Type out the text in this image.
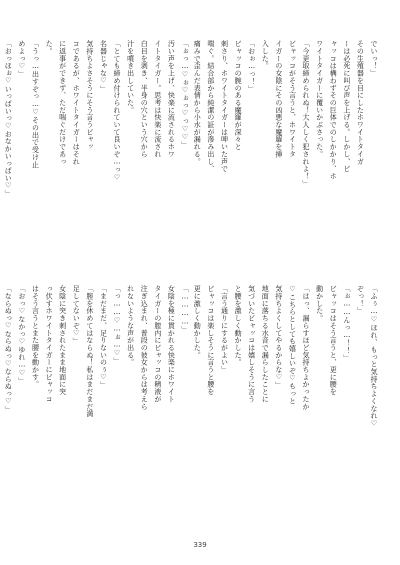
でいっ！」
その生殖器を目にしたホワイトタイガ
ーは必死に叫び声を上げる。しかし、ビ
ャッコは構わずその巨体でのしかかり、ホ
ワイトタイガーに覆いかぶさった。
「今更取締められぬ！大人しく犯されよ！」
ビャッコがそう言うと、ホワイトタ
イガーの女陰にその凶悪な魔羅を挿
入した。
「おぉ…っ！」
ビャッコの腕のある魔羅が深々と
刺さり、ホワイトタイガーは呻いた声で
喘ぐ。結合部から純潔の証が滲み出し、
痛みで歪んだ表情から小水が漏れる。
「ぉっ…♡ぉ♡ぉっ♡っ♡♡」
汚い声を上げ、快楽に流されるホワ
イトタイガー。思考は快楽に流され
白目を剥き、半身の穴という穴から
汁を噴き出していた。
「とても締め付けられていて良いぞ…っ♡
名器じゃな♡」
気持ちよさそうにそう言うビャッ
コであるが、ホワイトタイガーはそれ
に返事ができず、ただ喘ぐだけであっ
た。
「うっ…出すぞっ…♡その出で受け止
めよっ♡」
「おっほぉ♡いっぱいっ♡おなかいっぱい♡」
「ふぅ…♡ほれ、もっと気持ちよくなれ♡
ぞっ！」
「ぉ……んっ…！！」
ビャッコはそう言うと、更に腰を
動かした。
「はっ、漏らすほど気持ちよかったか
♡こちらとしても嬉しいぞ♡もっと
気持ちよくしてやるからな♡」
地面に落ちる水音で漏らしたことに
気づいたビャッコは嬉しそうに言う
と腰を激しく動かした。
「言う通りにするがよい」
ビャッコは楽しそうに言うと腰を
更に激しく動かした。
「…………」
女陰を極に貫かれる快楽にホワイト
タイガーの膣内にビャッコの精液が
注ぎ込まれ、普段の彼女からは考えら
れないような声が出る。
「っ……♡…ぉ…♡」
「まだまだ、足りないのぅ♡」
「膣を休めてはならぬ！私はまだまだ満
足してないぞ♡」
女陰に突き刺されたまま地面に突
っ伏すホワイトタイガーにビャッコ
はそう言うとまた腰を動かす。
「おっ♡なかっ♡ゆれ…♡」
「ならぬっ♡ならぬっ♡ならぬっ♡」
339
